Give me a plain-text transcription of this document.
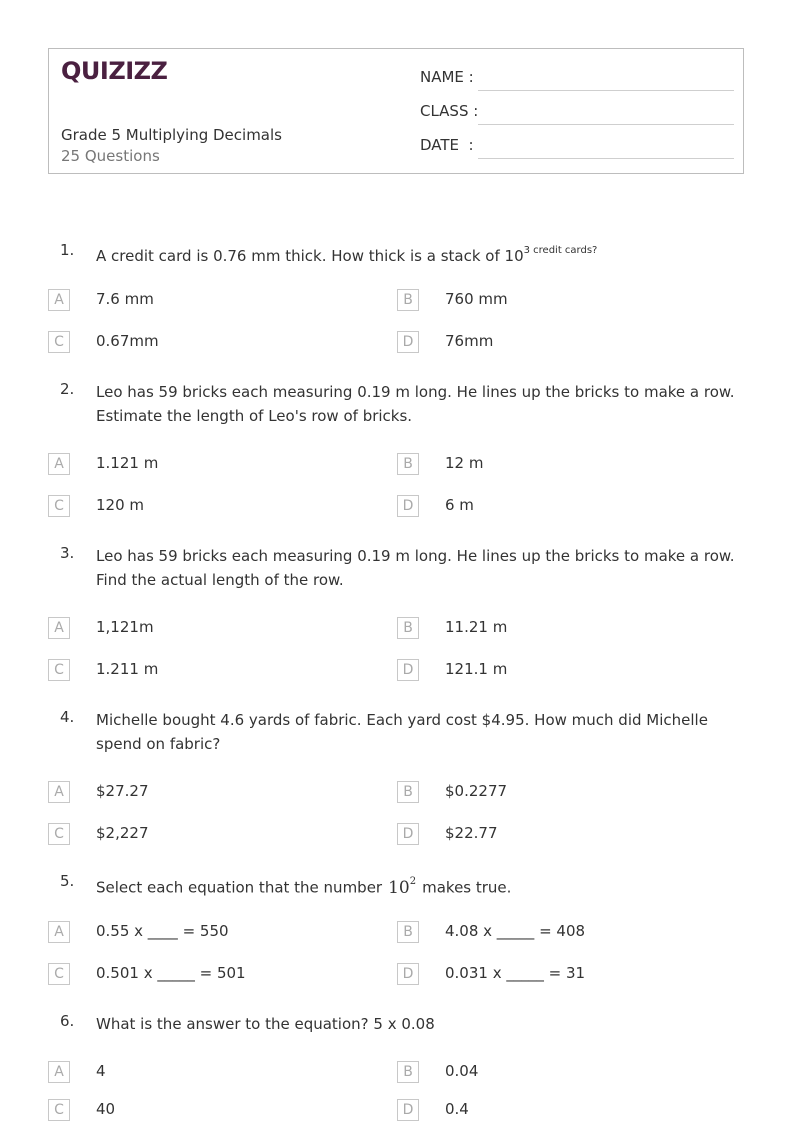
QUIZIZZ
Grade 5 Multiplying Decimals
25 Questions
NAME :
CLASS :
DATE  :
1. A credit card is 0.76 mm thick. How thick is a stack of $10^{3 credit cards?}$
A	7.6 mm	B	760 mm
C	0.67mm	D	76mm
2. Leo has 59 bricks each measuring 0.19 m long. He lines up the bricks to make a row. Estimate the length of Leo's row of bricks.
A	1.121 m	B	12 m
C	120 m	D	6 m
3. Leo has 59 bricks each measuring 0.19 m long. He lines up the bricks to make a row. Find the actual length of the row.
A	1,121m	B	11.21 m
C	1.211 m	D	121.1 m
4. Michelle bought 4.6 yards of fabric. Each yard cost $4.95. How much did Michelle spend on fabric?
A	$27.27	B	$0.2277
C	$2,227	D	$22.77
5. Select each equation that the number $10^2$ makes true.
A	0.55 x ____ = 550	B	4.08 x _____ = 408
C	0.501 x _____ = 501	D	0.031 x _____ = 31
6. What is the answer to the equation? 5 x 0.08
A	4	B	0.04
C	40	D	0.4
